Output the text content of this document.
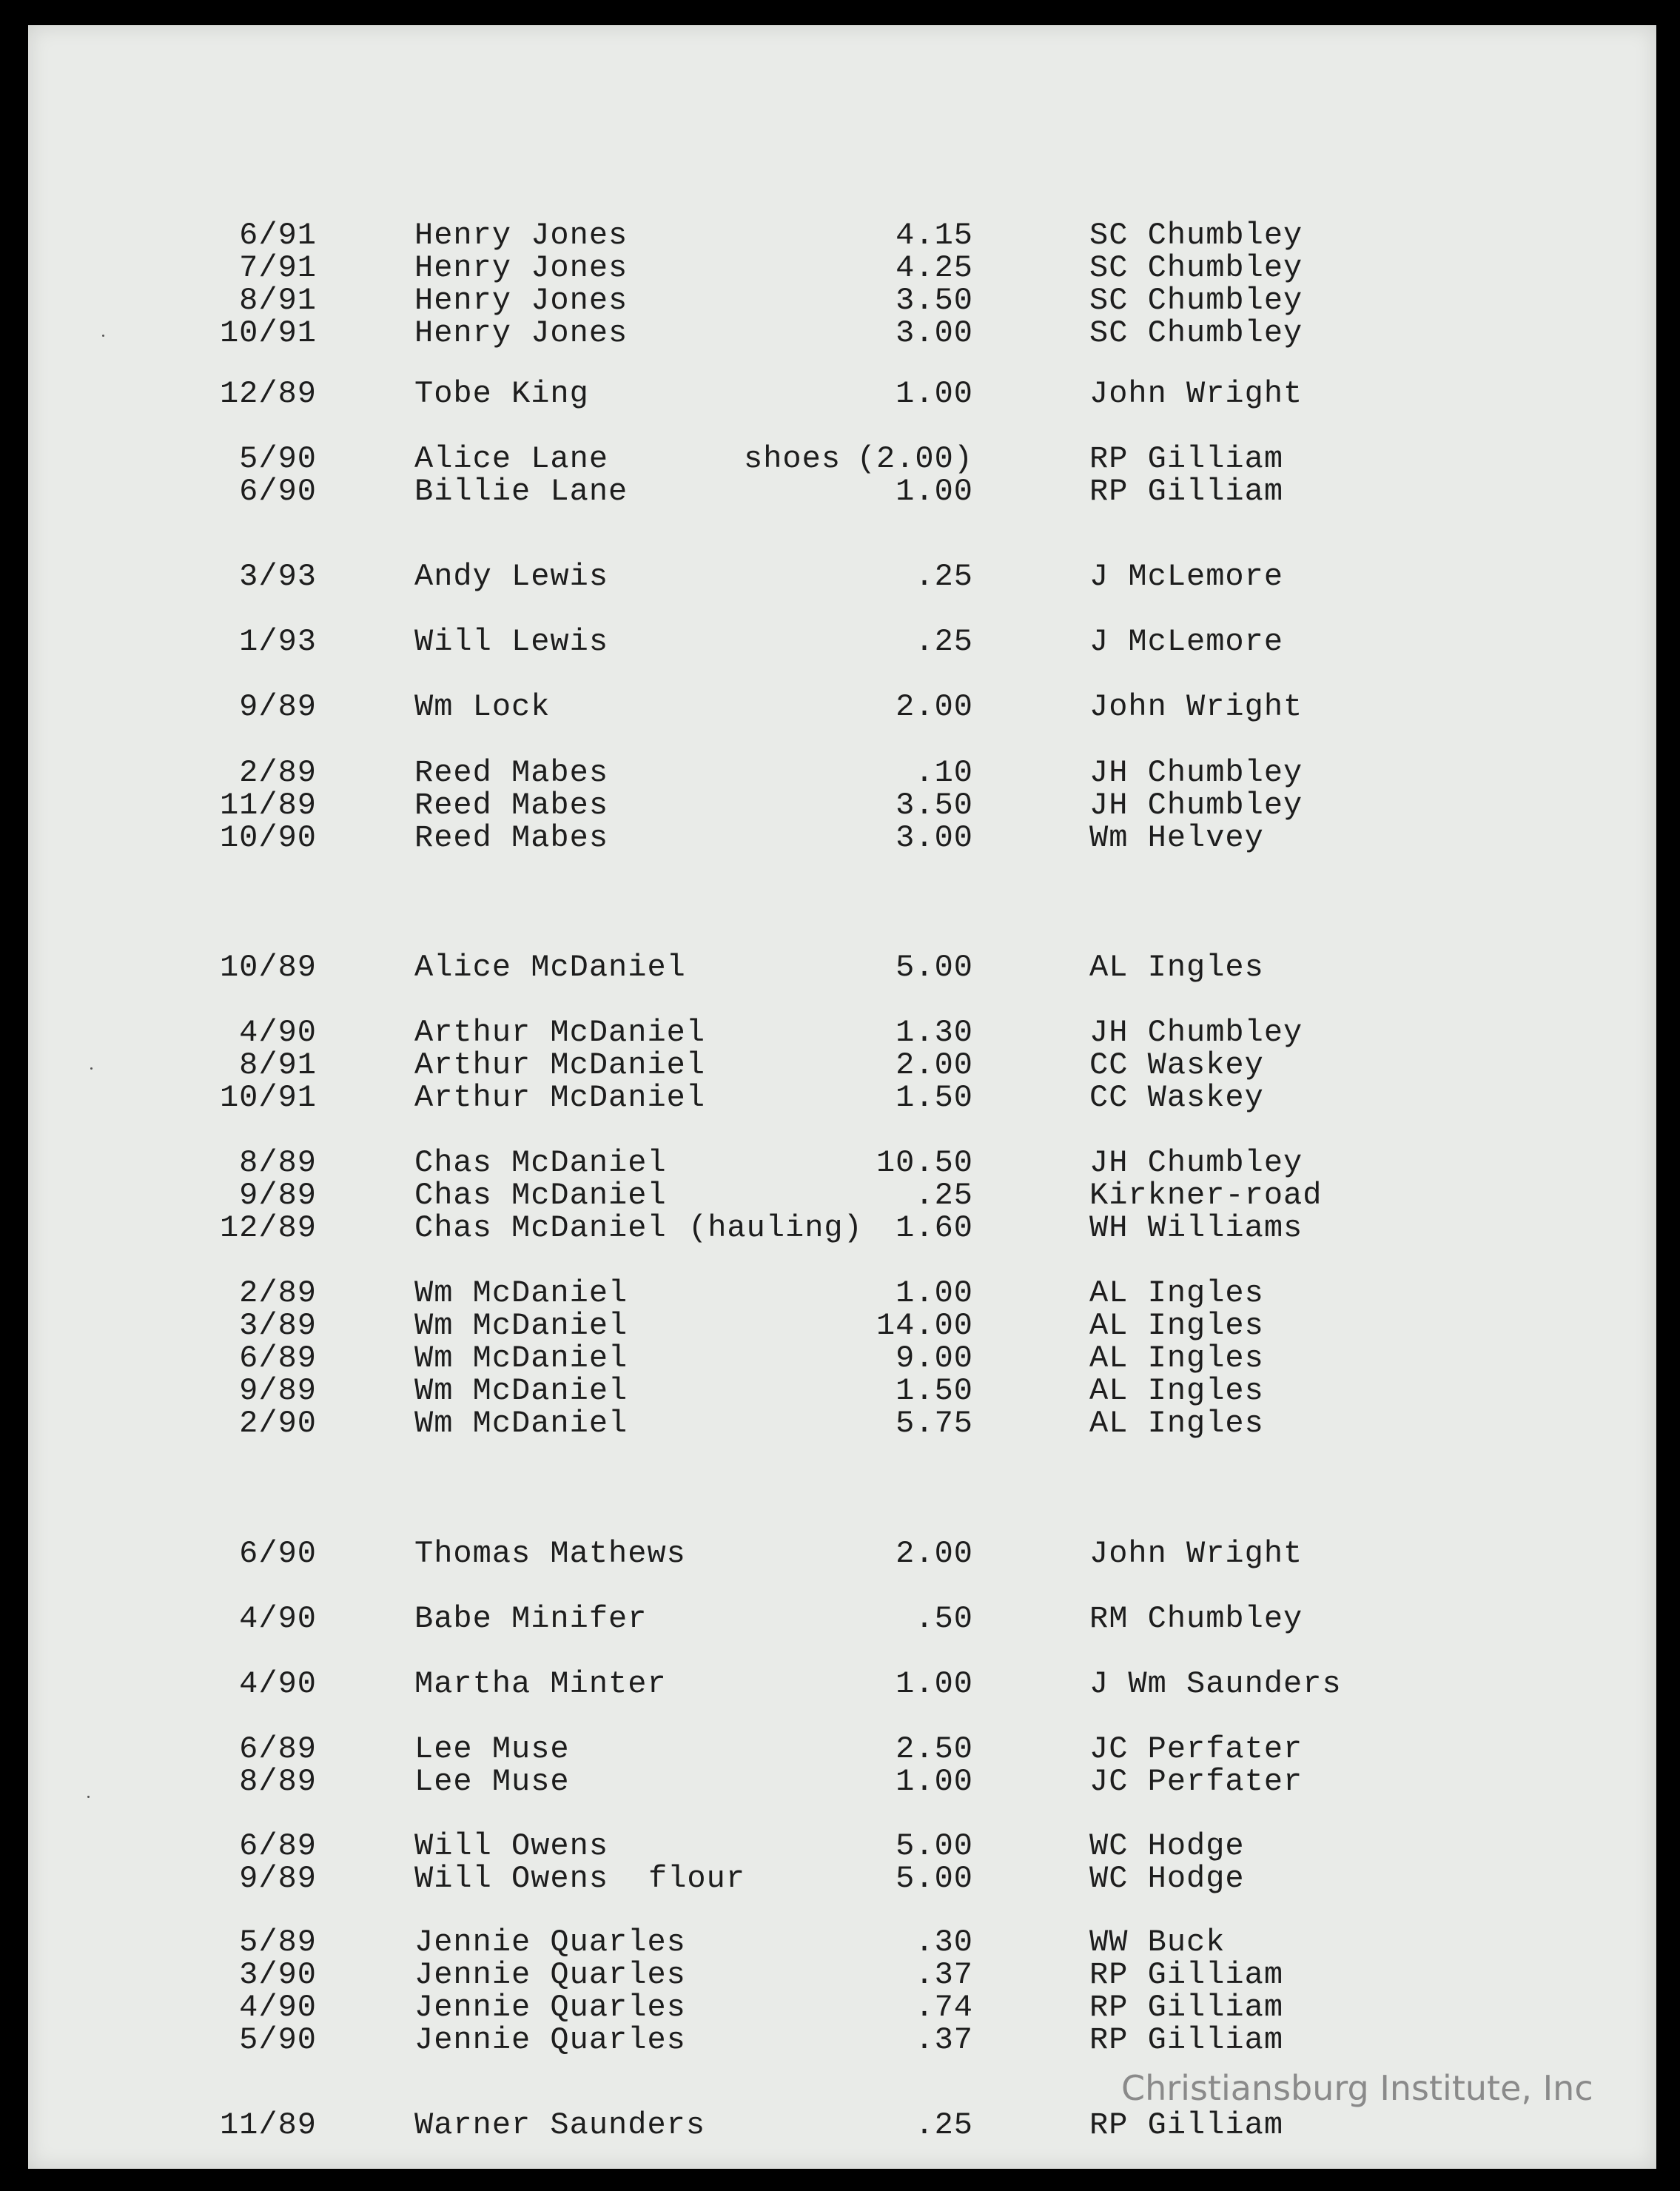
6/91	Henry Jones	4.15	SC Chumbley
7/91	Henry Jones	4.25	SC Chumbley
8/91	Henry Jones	3.50	SC Chumbley
10/91	Henry Jones	3.00	SC Chumbley
12/89	Tobe King	1.00	John Wright
5/90	Alice Lane	shoes (2.00)	RP Gilliam
6/90	Billie Lane	1.00	RP Gilliam
3/93	Andy Lewis	.25	J McLemore
1/93	Will Lewis	.25	J McLemore
9/89	Wm Lock	2.00	John Wright
2/89	Reed Mabes	.10	JH Chumbley
11/89	Reed Mabes	3.50	JH Chumbley
10/90	Reed Mabes	3.00	Wm Helvey
10/89	Alice McDaniel	5.00	AL Ingles
4/90	Arthur McDaniel	1.30	JH Chumbley
8/91	Arthur McDaniel	2.00	CC Waskey
10/91	Arthur McDaniel	1.50	CC Waskey
8/89	Chas McDaniel	10.50	JH Chumbley
9/89	Chas McDaniel	.25	Kirkner-road
12/89	Chas McDaniel (hauling) 1.60	WH Williams
2/89	Wm McDaniel	1.00	AL Ingles
3/89	Wm McDaniel	14.00	AL Ingles
6/89	Wm McDaniel	9.00	AL Ingles
9/89	Wm McDaniel	1.50	AL Ingles
2/90	Wm McDaniel	5.75	AL Ingles
6/90	Thomas Mathews	2.00	John Wright
4/90	Babe Minifer	.50	RM Chumbley
4/90	Martha Minter	1.00	J Wm Saunders
6/89	Lee Muse	2.50	JC Perfater
8/89	Lee Muse	1.00	JC Perfater
6/89	Will Owens	5.00	WC Hodge
9/89	Will Owens flour	5.00	WC Hodge
5/89	Jennie Quarles	.30	WW Buck
3/90	Jennie Quarles	.37	RP Gilliam
4/90	Jennie Quarles	.74	RP Gilliam
5/90	Jennie Quarles	.37	RP Gilliam
11/89	Warner Saunders	.25	RP Gilliam
Christiansburg Institute, Inc
